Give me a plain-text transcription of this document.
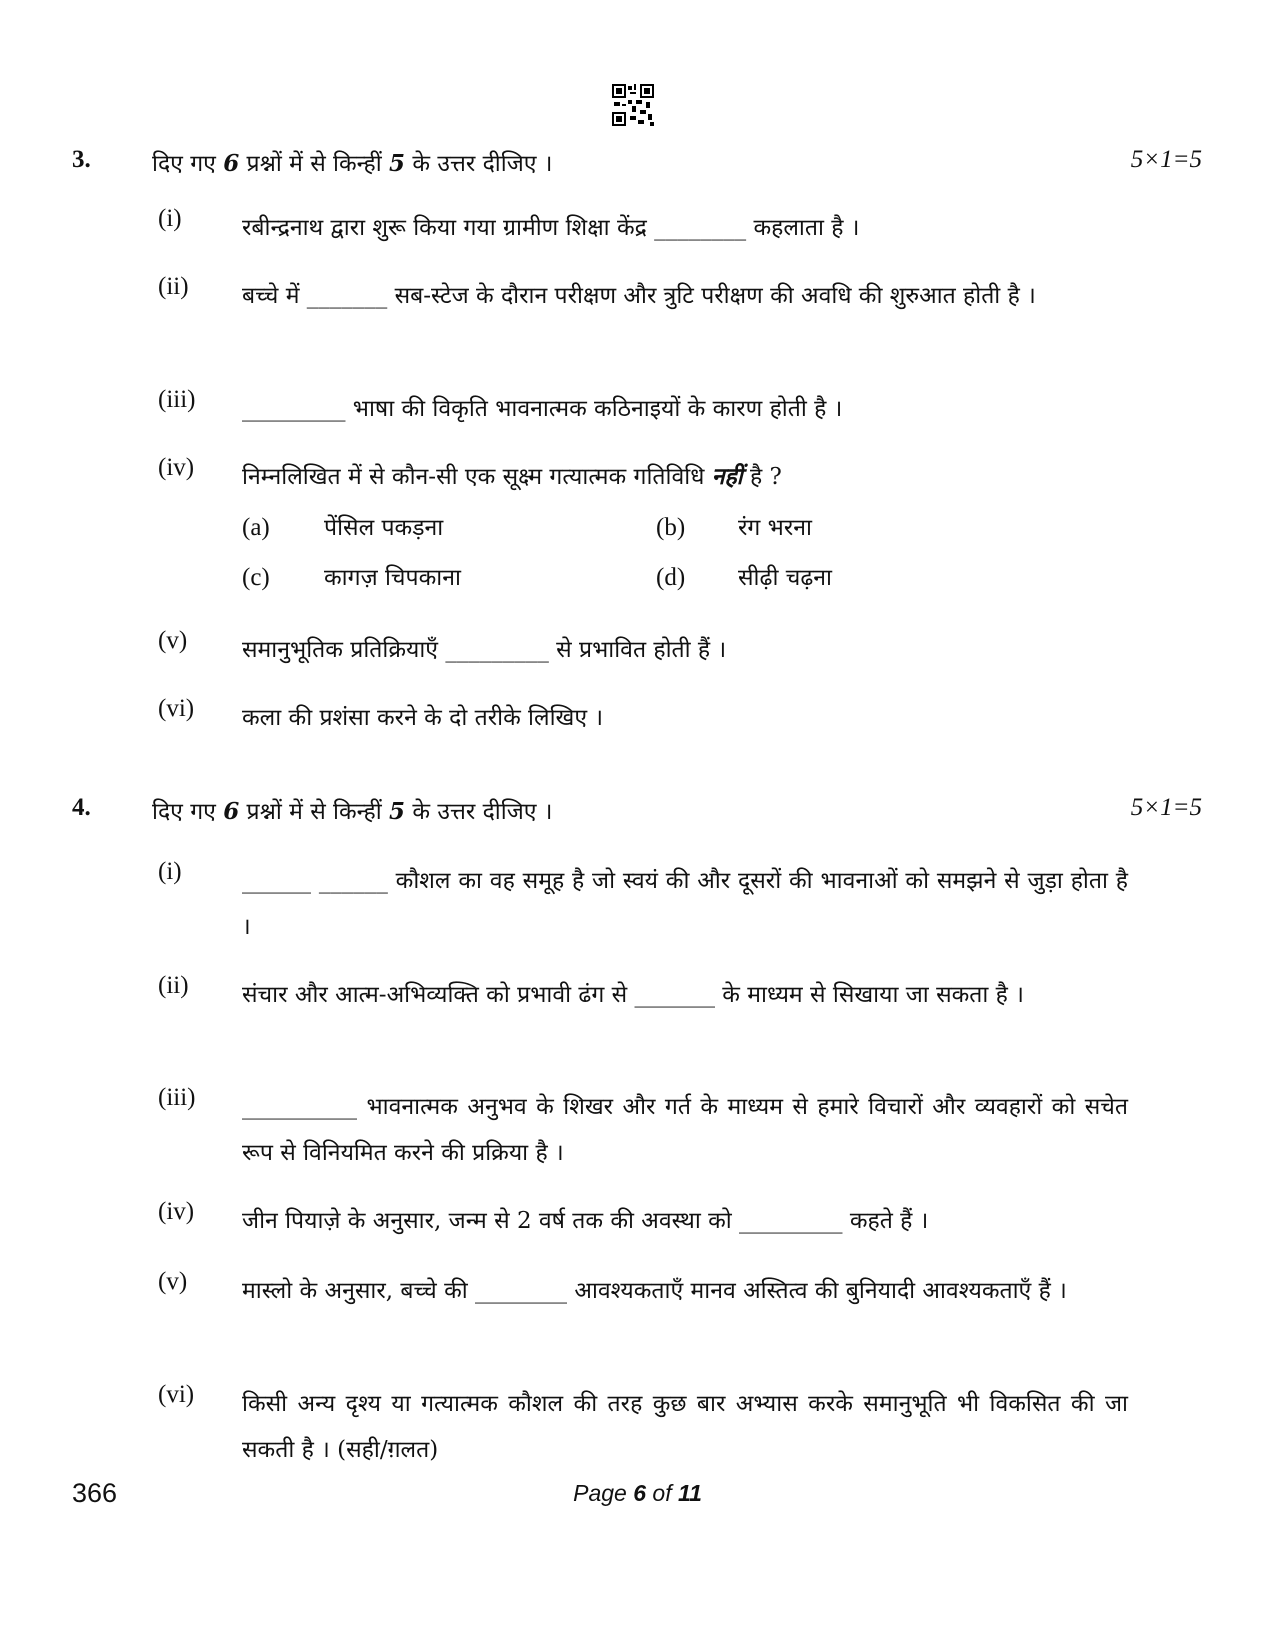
3.	दिए गए 6 प्रश्नों में से किन्हीं 5 के उत्तर दीजिए ।	5×1=5
(i)	रबीन्द्रनाथ द्वारा शुरू किया गया ग्रामीण शिक्षा केंद्र ________ कहलाता है ।
(ii) बच्चे में _______ सब-स्टेज के दौरान परीक्षण और त्रुटि परीक्षण की अवधि की शुरुआत होती है ।
(iii) _________ भाषा की विकृति भावनात्मक कठिनाइयों के कारण होती है ।
(iv) निम्नलिखित में से कौन-सी एक सूक्ष्म गत्यात्मक गतिविधि नहीं है ?
(a) पेंसिल पकड़ना	(b) रंग भरना
(c) कागज़ चिपकाना	(d) सीढ़ी चढ़ना
(v) समानुभूतिक प्रतिक्रियाएँ _________ से प्रभावित होती हैं ।
(vi) कला की प्रशंसा करने के दो तरीके लिखिए ।
4.	दिए गए 6 प्रश्नों में से किन्हीं 5 के उत्तर दीजिए ।	5×1=5
(i)	______ ______ कौशल का वह समूह है जो स्वयं की और दूसरों की भावनाओं को समझने से जुड़ा होता है ।
(ii) संचार और आत्म-अभिव्यक्ति को प्रभावी ढंग से _______ के माध्यम से सिखाया जा सकता है ।
(iii) __________ भावनात्मक अनुभव के शिखर और गर्त के माध्यम से हमारे विचारों और व्यवहारों को सचेत रूप से विनियमित करने की प्रक्रिया है ।
(iv) जीन पियाज़े के अनुसार, जन्म से 2 वर्ष तक की अवस्था को _________ कहते हैं ।
(v) मास्लो के अनुसार, बच्चे की ________ आवश्यकताएँ मानव अस्तित्व की बुनियादी आवश्यकताएँ हैं ।
(vi) किसी अन्य दृश्य या गत्यात्मक कौशल की तरह कुछ बार अभ्यास करके समानुभूति भी विकसित की जा सकती है । (सही/ग़लत)
366	Page 6 of 11
